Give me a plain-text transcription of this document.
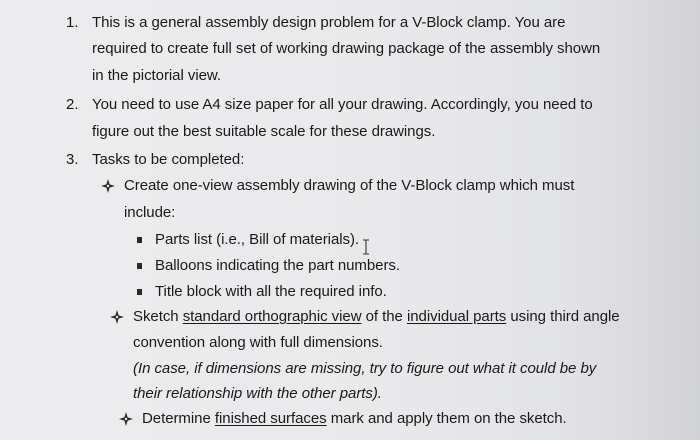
1. This is a general assembly design problem for a V-Block clamp. You are
required to create full set of working drawing package of the assembly shown
in the pictorial view.
2. You need to use A4 size paper for all your drawing. Accordingly, you need to
figure out the best suitable scale for these drawings.
3. Tasks to be completed:
Create one-view assembly drawing of the V-Block clamp which must
include:
Parts list (i.e., Bill of materials).
Balloons indicating the part numbers.
Title block with all the required info.
Sketch standard orthographic view of the individual parts using third angle
convention along with full dimensions.
(In case, if dimensions are missing, try to figure out what it could be by
their relationship with the other parts).
Determine finished surfaces mark and apply them on the sketch.
